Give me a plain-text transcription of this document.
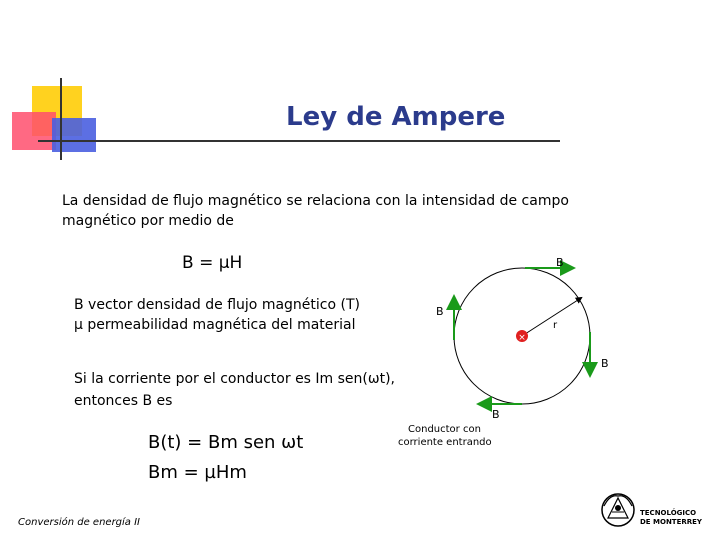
Ley de Ampere
La densidad de flujo magnético se relaciona con la intensidad de campo
magnético por medio de
B = µH
B vector densidad de flujo magnético (T)
µ permeabilidad magnética del material
Si la corriente por el conductor es Im sen(ωt),
entonces B es
B(t) = Bm sen ωt
Bm = µHm
×
B
B
B
B
r
Conductor con
corriente entrando
Conversión de energía II
TECNOLÓGICO
DE MONTERREY
